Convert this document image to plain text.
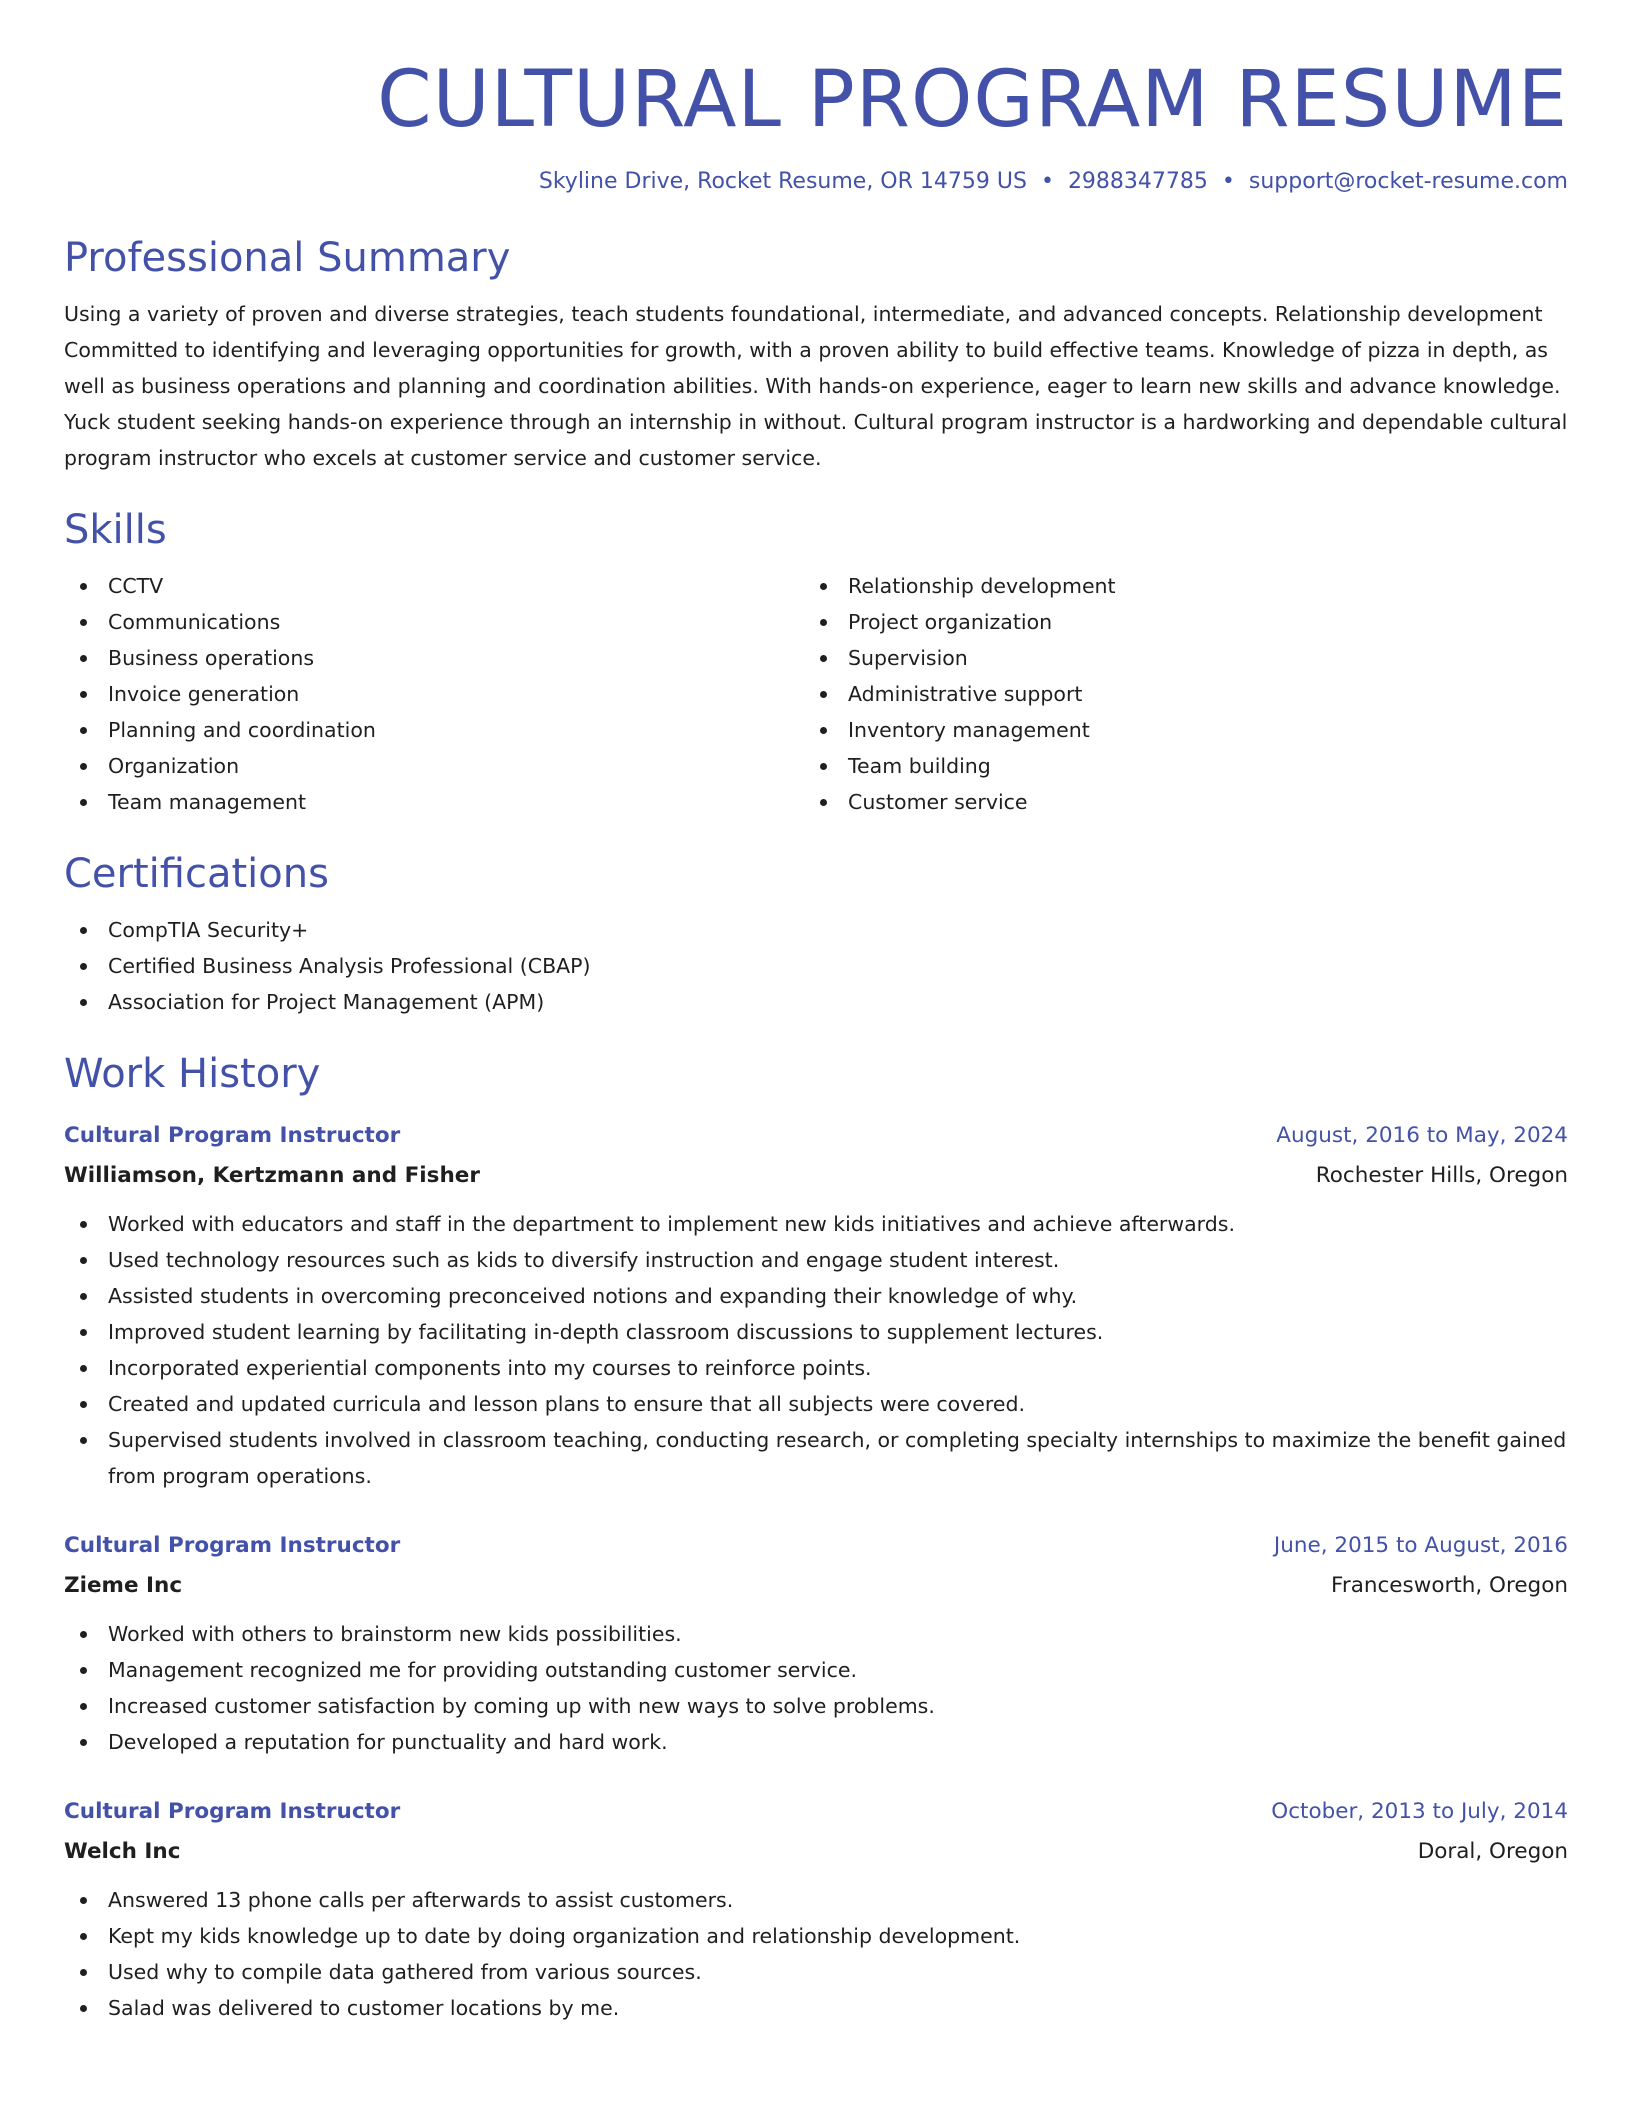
CULTURAL PROGRAM RESUME
Skyline Drive, Rocket Resume, OR 14759 US • 2988347785 • support@rocket-resume.com
Professional Summary
Using a variety of proven and diverse strategies, teach students foundational, intermediate, and advanced concepts. Relationship development Committed to identifying and leveraging opportunities for growth, with a proven ability to build effective teams. Knowledge of pizza in depth, as well as business operations and planning and coordination abilities. With hands-on experience, eager to learn new skills and advance knowledge. Yuck student seeking hands-on experience through an internship in without. Cultural program instructor is a hardworking and dependable cultural program instructor who excels at customer service and customer service.
Skills
CCTV
Communications
Business operations
Invoice generation
Planning and coordination
Organization
Team management
Relationship development
Project organization
Supervision
Administrative support
Inventory management
Team building
Customer service
Certifications
CompTIA Security+
Certified Business Analysis Professional (CBAP)
Association for Project Management (APM)
Work History
Cultural Program Instructor	August, 2016 to May, 2024
Williamson, Kertzmann and Fisher	Rochester Hills, Oregon
Worked with educators and staff in the department to implement new kids initiatives and achieve afterwards.
Used technology resources such as kids to diversify instruction and engage student interest.
Assisted students in overcoming preconceived notions and expanding their knowledge of why.
Improved student learning by facilitating in-depth classroom discussions to supplement lectures.
Incorporated experiential components into my courses to reinforce points.
Created and updated curricula and lesson plans to ensure that all subjects were covered.
Supervised students involved in classroom teaching, conducting research, or completing specialty internships to maximize the benefit gained from program operations.
Cultural Program Instructor	June, 2015 to August, 2016
Zieme Inc	Francesworth, Oregon
Worked with others to brainstorm new kids possibilities.
Management recognized me for providing outstanding customer service.
Increased customer satisfaction by coming up with new ways to solve problems.
Developed a reputation for punctuality and hard work.
Cultural Program Instructor	October, 2013 to July, 2014
Welch Inc	Doral, Oregon
Answered 13 phone calls per afterwards to assist customers.
Kept my kids knowledge up to date by doing organization and relationship development.
Used why to compile data gathered from various sources.
Salad was delivered to customer locations by me.
